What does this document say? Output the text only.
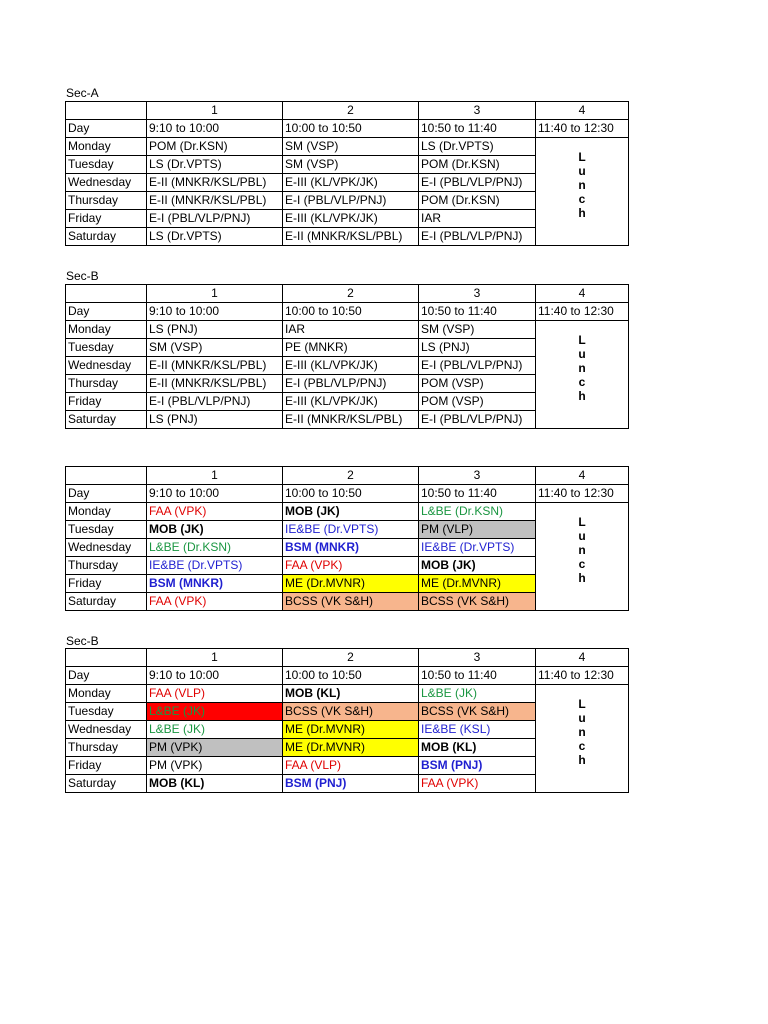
Sec-A
	1	2	3	4
Day	9:10 to 10:00	10:00 to 10:50	10:50 to 11:40	11:40 to 12:30
Monday	POM (Dr.KSN)	SM (VSP)	LS (Dr.VPTS)	L
u
n
c
h

Tuesday	LS (Dr.VPTS)	SM (VSP)	POM (Dr.KSN)	
Wednesday	E-II (MNKR/KSL/PBL)	E-III (KL/VPK/JK)	E-I (PBL/VLP/PNJ)	
Thursday	E-II (MNKR/KSL/PBL)	E-I (PBL/VLP/PNJ)	POM (Dr.KSN)	
Friday	E-I (PBL/VLP/PNJ)	E-III (KL/VPK/JK)	IAR	
Saturday	LS (Dr.VPTS)	E-II (MNKR/KSL/PBL)	E-I (PBL/VLP/PNJ)	
Sec-B
	1	2	3	4
Day	9:10 to 10:00	10:00 to 10:50	10:50 to 11:40	11:40 to 12:30
Monday	LS (PNJ)	IAR	SM (VSP)	L
u
n
c
h

Tuesday	SM (VSP)	PE (MNKR)	LS (PNJ)	
Wednesday	E-II (MNKR/KSL/PBL)	E-III (KL/VPK/JK)	E-I (PBL/VLP/PNJ)	
Thursday	E-II (MNKR/KSL/PBL)	E-I (PBL/VLP/PNJ)	POM (VSP)	
Friday	E-I (PBL/VLP/PNJ)	E-III (KL/VPK/JK)	POM (VSP)	
Saturday	LS (PNJ)	E-II (MNKR/KSL/PBL)	E-I (PBL/VLP/PNJ)	
	1	2	3	4
Day	9:10 to 10:00	10:00 to 10:50	10:50 to 11:40	11:40 to 12:30
Monday	FAA (VPK)	MOB (JK)	L&BE (Dr.KSN)	L
u
n
c
h

Tuesday	MOB (JK)	IE&BE (Dr.VPTS)	PM (VLP)	
Wednesday	L&BE (Dr.KSN)	BSM (MNKR)	IE&BE (Dr.VPTS)	
Thursday	IE&BE (Dr.VPTS)	FAA (VPK)	MOB (JK)	
Friday	BSM (MNKR)	ME (Dr.MVNR)	ME (Dr.MVNR)	
Saturday	FAA (VPK)	BCSS (VK S&H)	BCSS (VK S&H)	
Sec-B
	1	2	3	4
Day	9:10 to 10:00	10:00 to 10:50	10:50 to 11:40	11:40 to 12:30
Monday	FAA (VLP)	MOB (KL)	L&BE (JK)	L
u
n
c
h

Tuesday	L&BE (JK)	BCSS (VK S&H)	BCSS (VK S&H)	
Wednesday	L&BE (JK)	ME (Dr.MVNR)	IE&BE (KSL)	
Thursday	PM (VPK)	ME (Dr.MVNR)	MOB (KL)	
Friday	PM (VPK)	FAA (VLP)	BSM (PNJ)	
Saturday	MOB (KL)	BSM (PNJ)	FAA (VPK)	
